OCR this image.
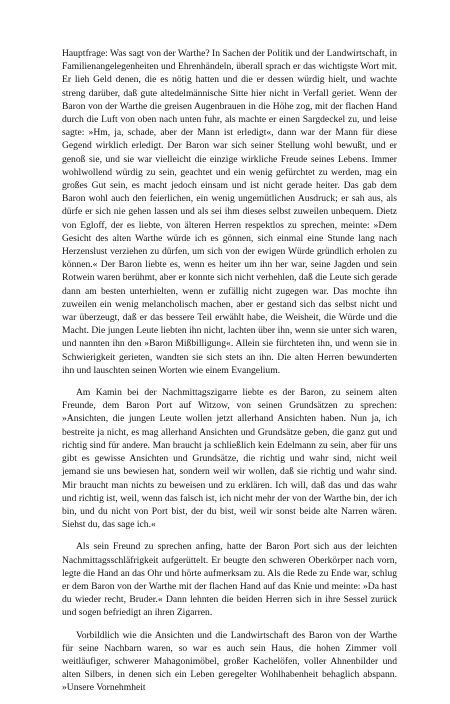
Hauptfrage: Was sagt von der Warthe? In Sachen der Politik und der Landwirtschaft, in Familienangelegenheiten und Ehrenhändeln, überall sprach er das wichtigste Wort mit. Er lieh Geld denen, die es nötig hatten und die er dessen würdig hielt, und wachte streng darüber, daß gute altedelmännische Sitte hier nicht in Verfall geriet. Wenn der Baron von der Warthe die greisen Augenbrauen in die Höhe zog, mit der flachen Hand durch die Luft von oben nach unten fuhr, als machte er einen Sargdeckel zu, und leise sagte: »Hm, ja, schade, aber der Mann ist erledigt«, dann war der Mann für diese Gegend wirklich erledigt. Der Baron war sich seiner Stellung wohl bewußt, und er genoß sie, und sie war vielleicht die einzige wirkliche Freude seines Lebens. Immer wohlwollend würdig zu sein, geachtet und ein wenig gefürchtet zu werden, mag ein großes Gut sein, es macht jedoch einsam und ist nicht gerade heiter. Das gab dem Baron wohl auch den feierlichen, ein wenig ungemütlichen Ausdruck; er sah aus, als dürfe er sich nie gehen lassen und als sei ihm dieses selbst zuweilen unbequem. Dietz von Egloff, der es liebte, von älteren Herren respektlos zu sprechen, meinte: »Dem Gesicht des alten Warthe würde ich es gönnen, sich einmal eine Stunde lang nach Herzenslust verziehen zu dürfen, um sich von der ewigen Würde gründlich erholen zu können.« Der Baron liebte es, wenn es heiter um ihn her war, seine Jagden und sein Rotwein waren berühmt, aber er konnte sich nicht verhehlen, daß die Leute sich gerade dann am besten unterhielten, wenn er zufällig nicht zugegen war. Das mochte ihn zuweilen ein wenig melancholisch machen, aber er gestand sich das selbst nicht und war überzeugt, daß er das bessere Teil erwählt habe, die Weisheit, die Würde und die Macht. Die jungen Leute liebten ihn nicht, lachten über ihn, wenn sie unter sich waren, und nannten ihn den »Baron Mißbilligung«. Allein sie fürchteten ihn, und wenn sie in Schwierigkeit gerieten, wandten sie sich stets an ihn. Die alten Herren bewunderten ihn und lauschten seinen Worten wie einem Evangelium.

Am Kamin bei der Nachmittagszigarre liebte es der Baron, zu seinem alten Freunde, dem Baron Port auf Witzow, von seinen Grundsätzen zu sprechen: »Ansichten, die jungen Leute wollen jetzt allerhand Ansichten haben. Nun ja, ich bestreite ja nicht, es mag allerhand Ansichten und Grundsätze geben, die ganz gut und richtig sind für andere. Man braucht ja schließlich kein Edelmann zu sein, aber für uns gibt es gewisse Ansichten und Grundsätze, die richtig und wahr sind, nicht weil jemand sie uns bewiesen hat, sondern weil wir wollen, daß sie richtig und wahr sind. Mir braucht man nichts zu beweisen und zu erklären. Ich will, daß das und das wahr und richtig ist, weil, wenn das falsch ist, ich nicht mehr der von der Warthe bin, der ich bin, und du nicht von Port bist, der du bist, weil wir sonst beide alte Narren wären. Siehst du, das sage ich.«

Als sein Freund zu sprechen anfing, hatte der Baron Port sich aus der leichten Nachmittagsschläfrigkeit aufgerüttelt. Er beugte den schweren Oberkörper nach vorn, legte die Hand an das Ohr und hörte aufmerksam zu. Als die Rede zu Ende war, schlug er dem Baron von der Warthe mit der flachen Hand auf das Knie und meinte: »Da hast du wieder recht, Bruder.« Dann lehnten die beiden Herren sich in ihre Sessel zurück und sogen befriedigt an ihren Zigarren.

Vorbildlich wie die Ansichten und die Landwirtschaft des Baron von der Warthe für seine Nachbarn waren, so war es auch sein Haus, die hohen Zimmer voll weitläufiger, schwerer Mahagonimöbel, großer Kachelöfen, voller Ahnenbilder und alten Silbers, in denen sich ein Leben geregelter Wohlhabenheit behaglich abspann. »Unsere Vornehmheit
